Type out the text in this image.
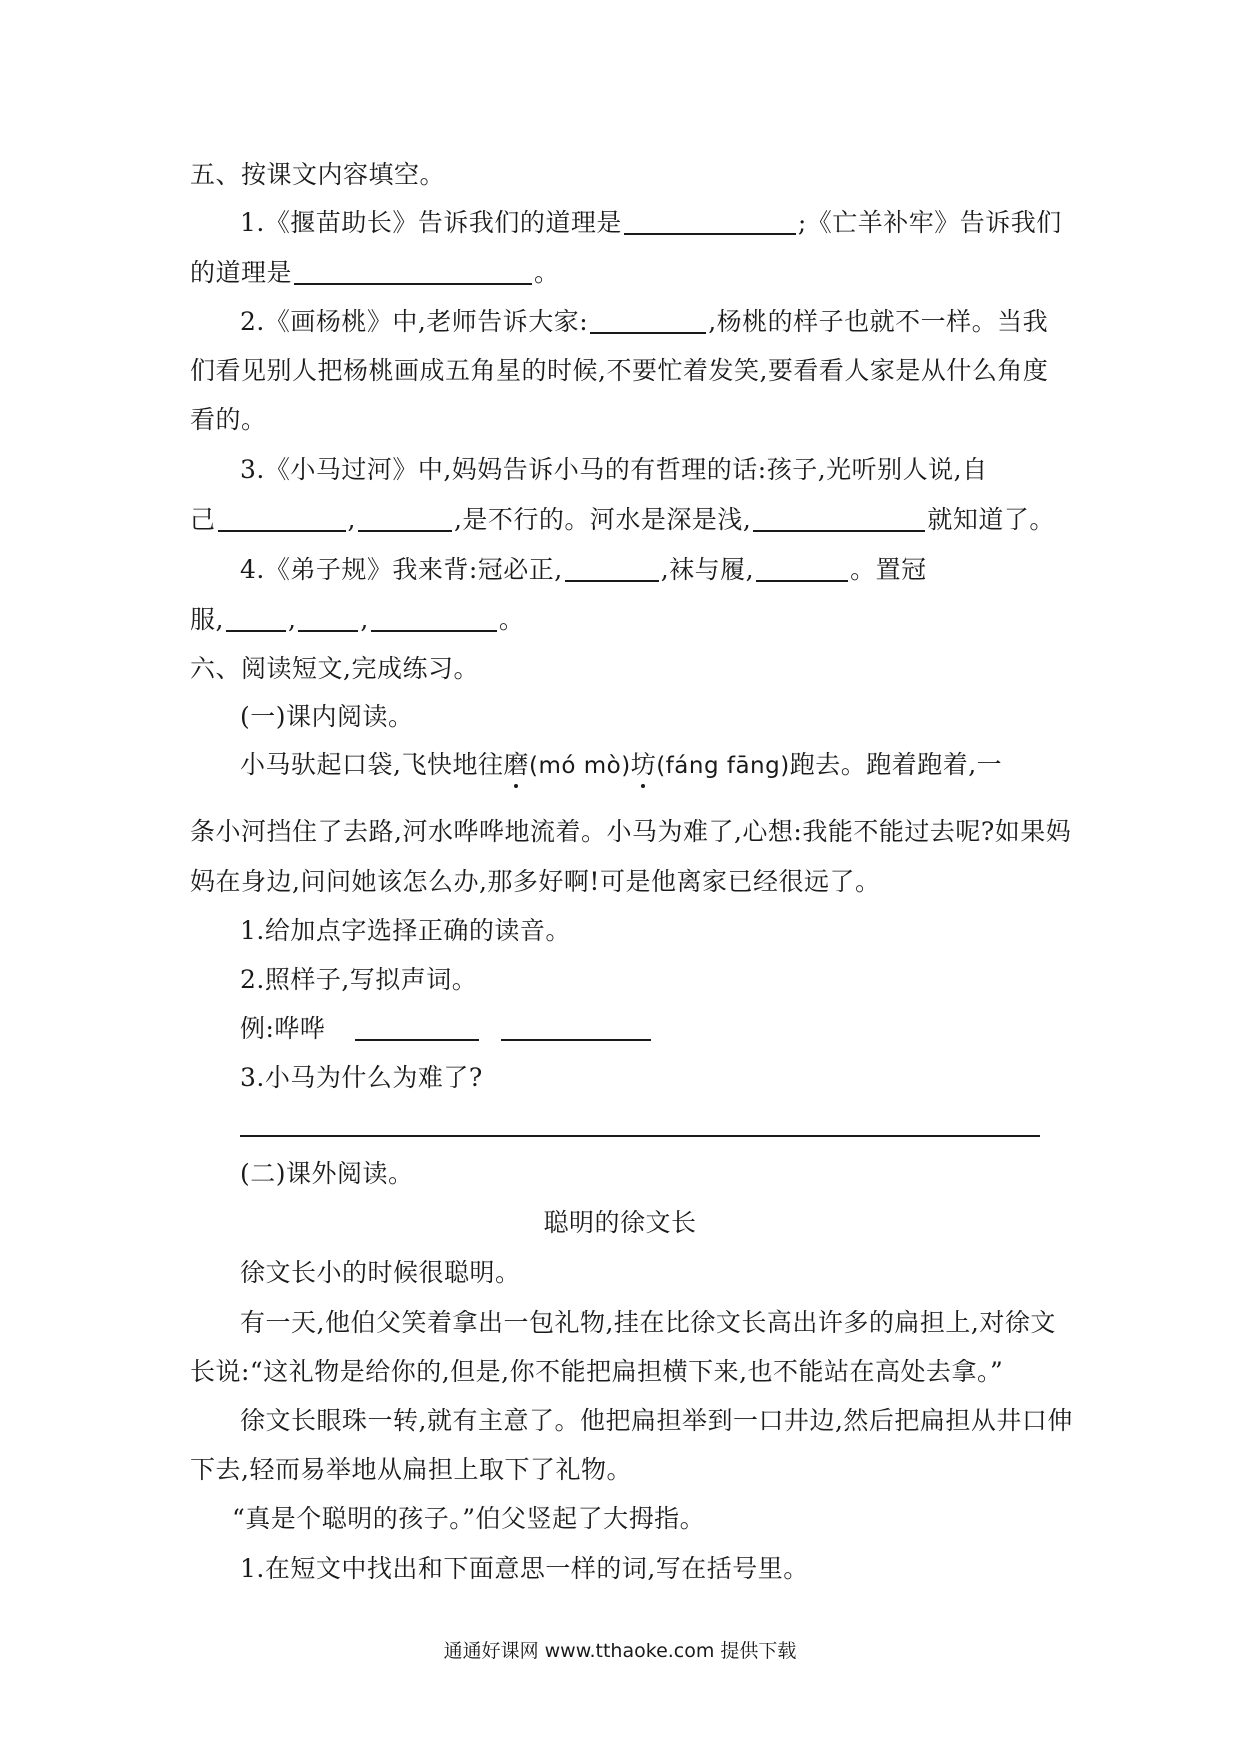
五、按课文内容填空。
1.《揠苗助长》告诉我们的道理是	;《亡羊补牢》告诉我们
的道理是	。
2.《画杨桃》中,老师告诉大家:	,杨桃的样子也就不一样。当我
们看见别人把杨桃画成五角星的时候,不要忙着发笑,要看看人家是从什么角度
看的。
3.《小马过河》中,妈妈告诉小马的有哲理的话:孩子,光听别人说,自
己	,	,是不行的。河水是深是浅,	就知道了。
4.《弟子规》我来背:冠必正,	,袜与履,	。置冠
服,	,	,	。
六、阅读短文,完成练习。
(一)课内阅读。
小马驮起口袋,飞快地往磨(mó mò)坊(fáng fāng)跑去。跑着跑着,一
条小河挡住了去路,河水哗哗地流着。小马为难了,心想:我能不能过去呢?如果妈
妈在身边,问问她该怎么办,那多好啊!可是他离家已经很远了。
1.给加点字选择正确的读音。
2.照样子,写拟声词。
例:哗哗
3.小马为什么为难了?
(二)课外阅读。
聪明的徐文长
徐文长小的时候很聪明。
有一天,他伯父笑着拿出一包礼物,挂在比徐文长高出许多的扁担上,对徐文
长说:“这礼物是给你的,但是,你不能把扁担横下来,也不能站在高处去拿。”
徐文长眼珠一转,就有主意了。他把扁担举到一口井边,然后把扁担从井口伸
下去,轻而易举地从扁担上取下了礼物。
“真是个聪明的孩子。”伯父竖起了大拇指。
1.在短文中找出和下面意思一样的词,写在括号里。
通通好课网 www.tthaoke.com 提供下载
